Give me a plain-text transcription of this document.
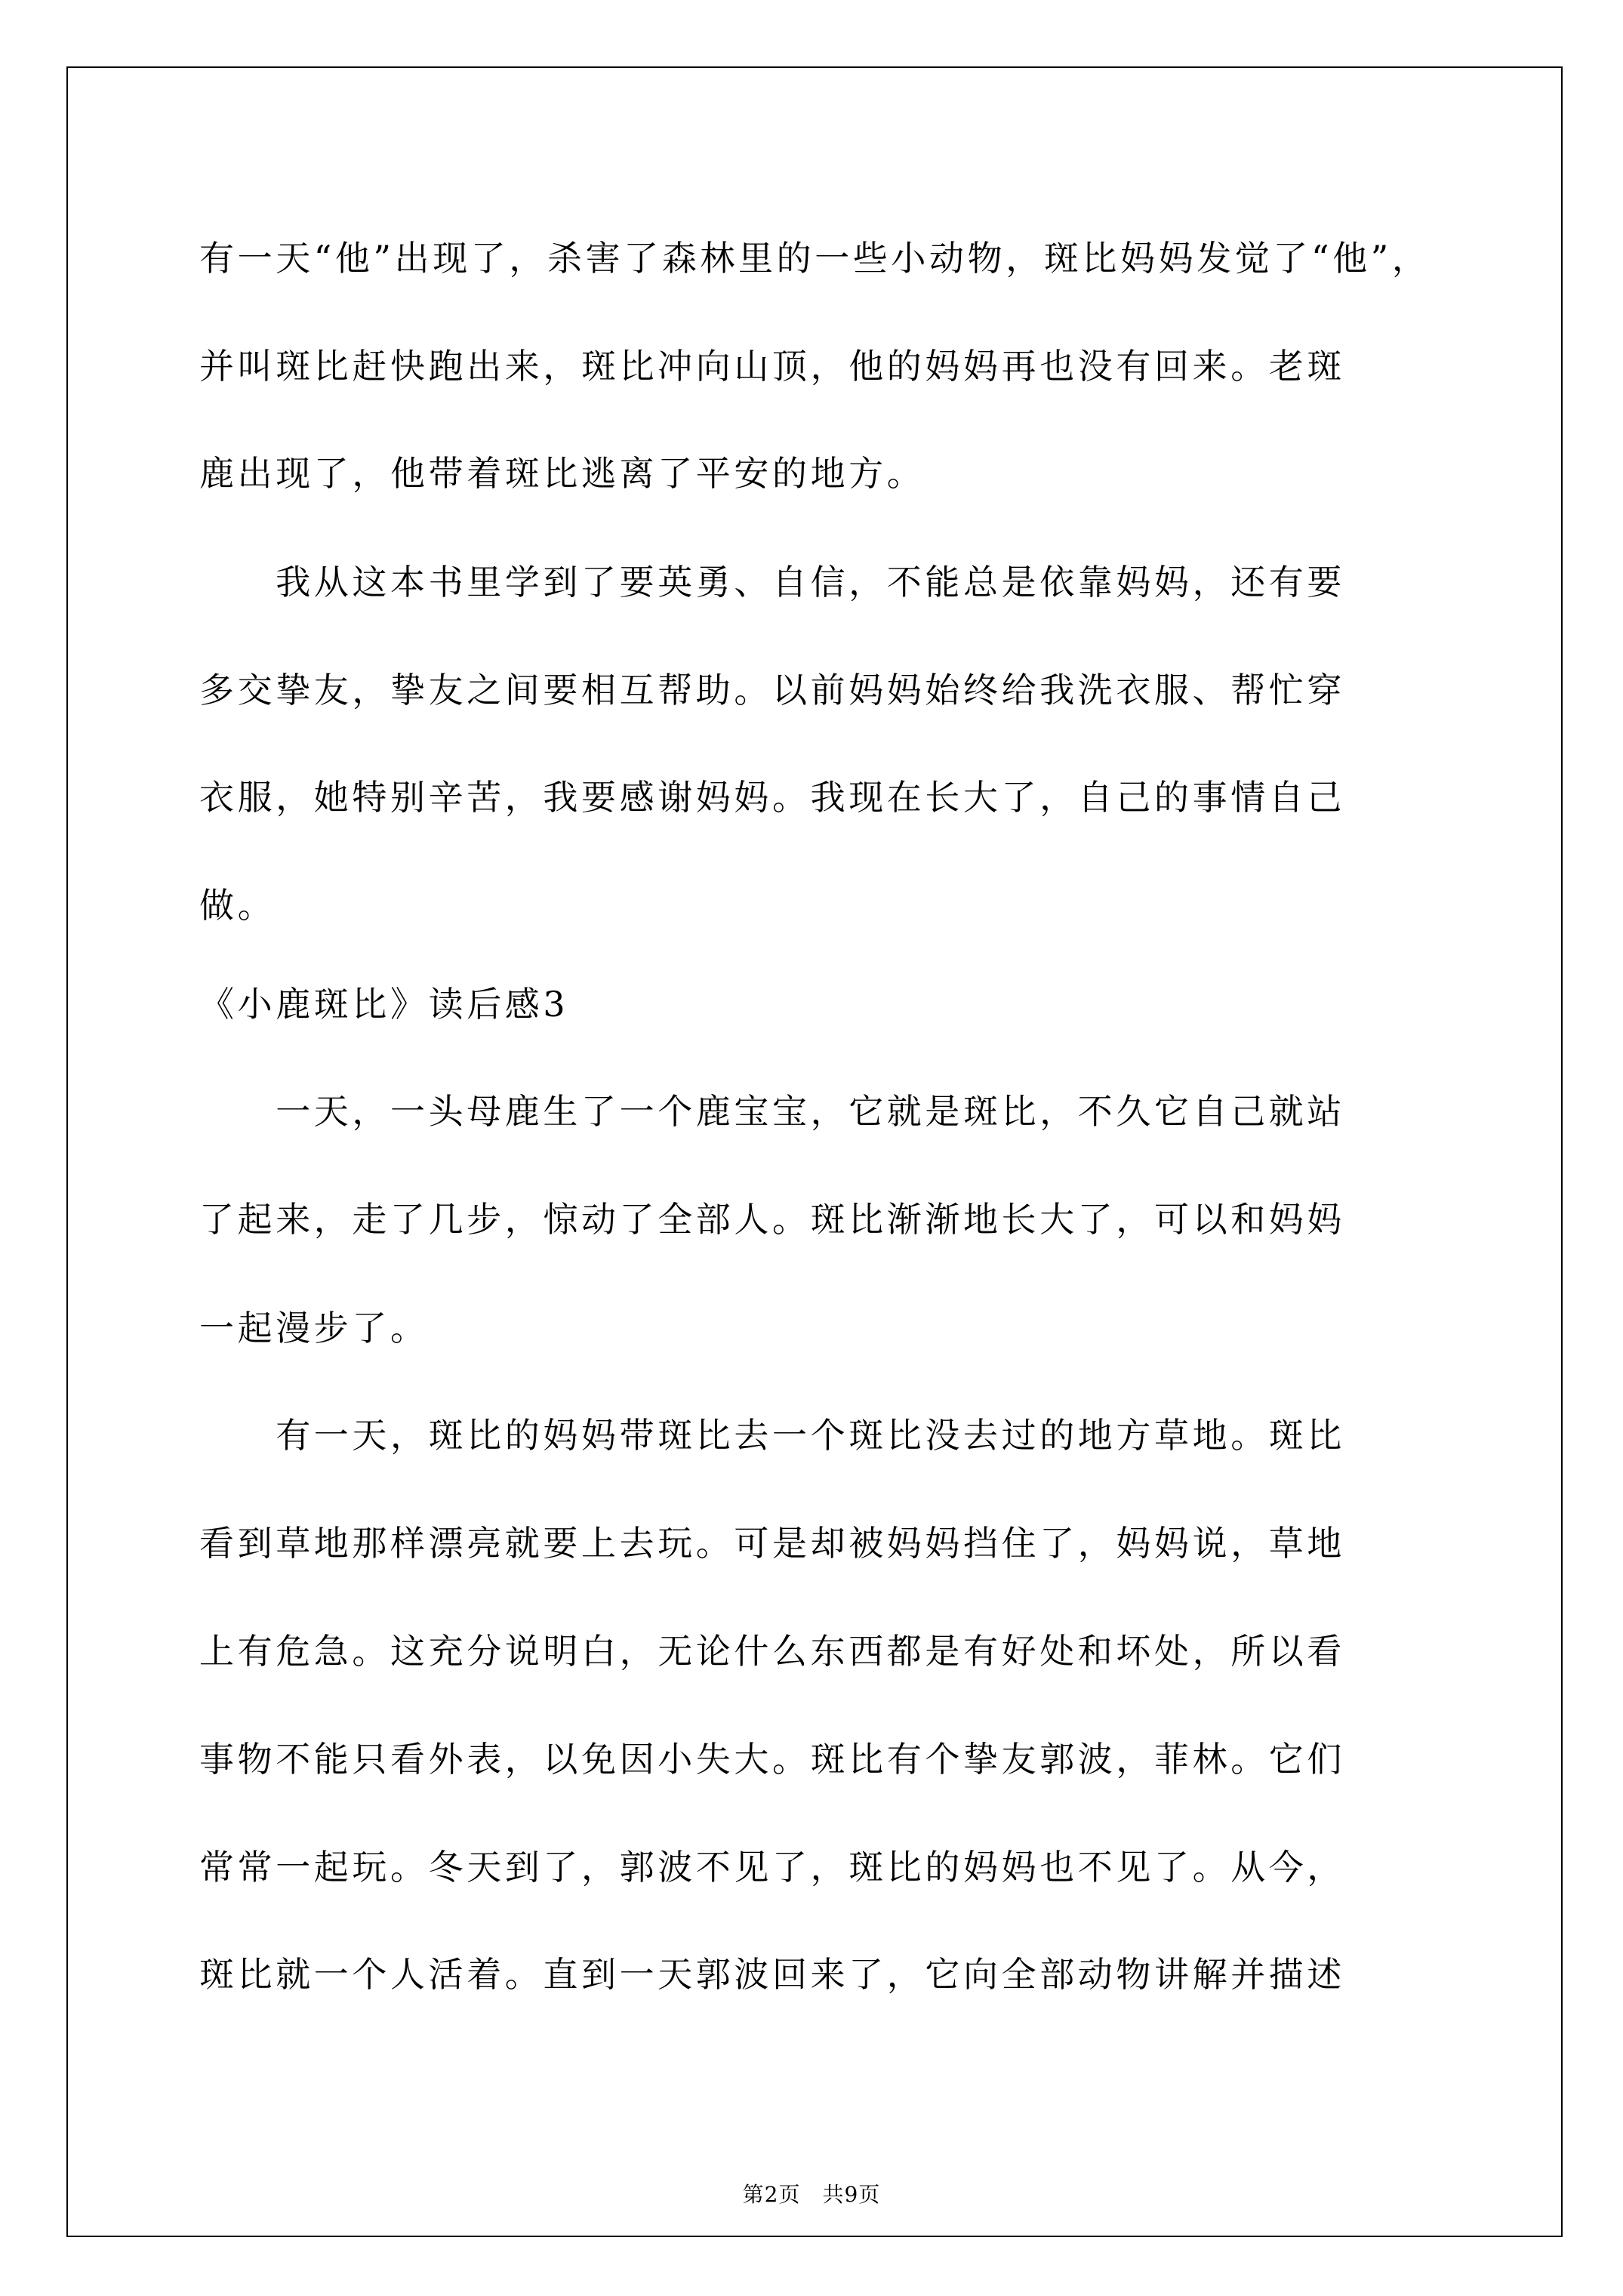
有一天“他”出现了，杀害了森林里的一些小动物，斑比妈妈发觉了“他”，
并叫斑比赶快跑出来，斑比冲向山顶，他的妈妈再也没有回来。老斑
鹿出现了，他带着斑比逃离了平安的地方。
　　我从这本书里学到了要英勇、自信，不能总是依靠妈妈，还有要
多交挚友，挚友之间要相互帮助。以前妈妈始终给我洗衣服、帮忙穿
衣服，她特别辛苦，我要感谢妈妈。我现在长大了，自己的事情自己
做。
《小鹿斑比》读后感3
　　一天，一头母鹿生了一个鹿宝宝，它就是斑比，不久它自己就站
了起来，走了几步，惊动了全部人。斑比渐渐地长大了，可以和妈妈
一起漫步了。
　　有一天，斑比的妈妈带斑比去一个斑比没去过的地方草地。斑比
看到草地那样漂亮就要上去玩。可是却被妈妈挡住了，妈妈说，草地
上有危急。这充分说明白，无论什么东西都是有好处和坏处，所以看
事物不能只看外表，以免因小失大。斑比有个挚友郭波，菲林。它们
常常一起玩。冬天到了，郭波不见了，斑比的妈妈也不见了。从今，
斑比就一个人活着。直到一天郭波回来了，它向全部动物讲解并描述
第2页　共9页
